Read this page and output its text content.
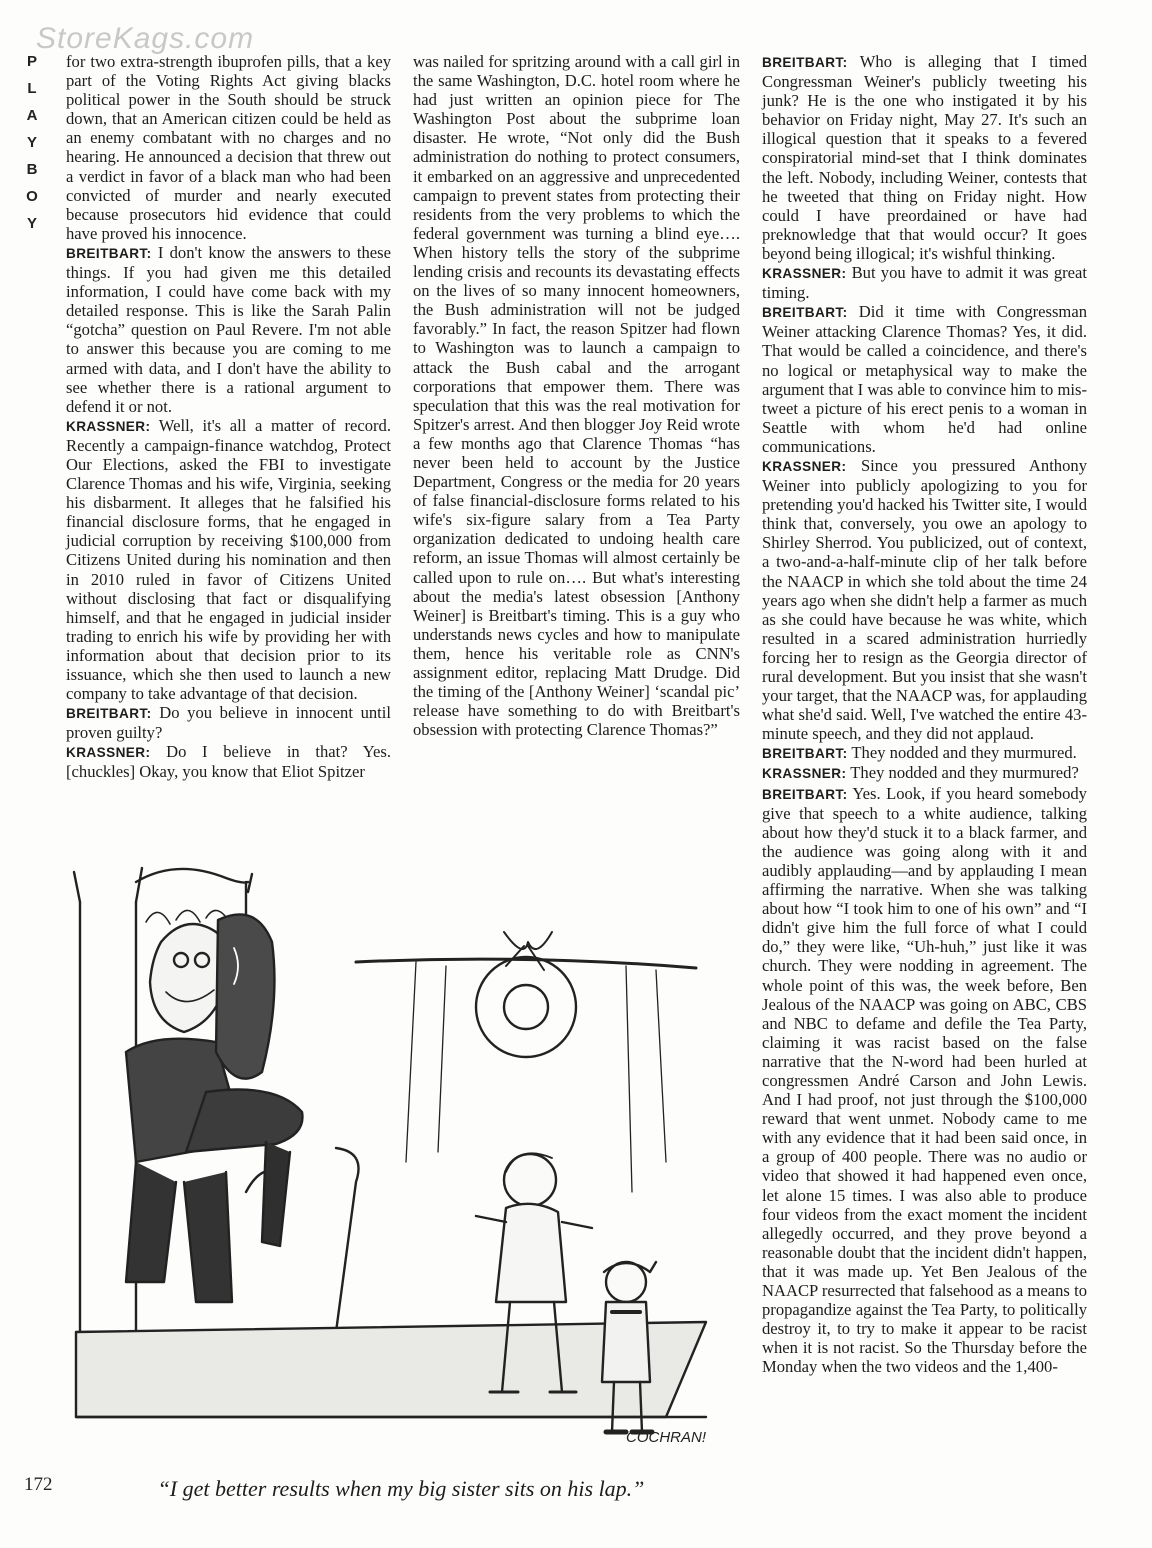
StoreKags.com
P
L
A
Y
B
O
Y

for two extra-strength ibuprofen pills, that a key part of the Voting Rights Act giving blacks political power in the South should be struck down, that an American citizen could be held as an enemy combatant with no charges and no hearing. He announced a decision that threw out a verdict in favor of a black man who had been convicted of murder and nearly executed because prosecutors hid evidence that could have proved his innocence.

BREITBART: I don't know the answers to these things. If you had given me this detailed information, I could have come back with my detailed response. This is like the Sarah Palin “gotcha” question on Paul Revere. I'm not able to answer this because you are coming to me armed with data, and I don't have the ability to see whether there is a rational argument to defend it or not.

KRASSNER: Well, it's all a matter of record. Recently a campaign-finance watchdog, Protect Our Elections, asked the FBI to investigate Clarence Thomas and his wife, Virginia, seeking his disbarment. It alleges that he falsified his financial disclosure forms, that he engaged in judicial corruption by receiving $100,000 from Citizens United during his nomination and then in 2010 ruled in favor of Citizens United without disclosing that fact or disqualifying himself, and that he engaged in judicial insider trading to enrich his wife by providing her with information about that decision prior to its issuance, which she then used to launch a new company to take advantage of that decision.

BREITBART: Do you believe in innocent until proven guilty?

KRASSNER: Do I believe in that? Yes. [chuckles] Okay, you know that Eliot Spitzer

was nailed for spritzing around with a call girl in the same Washington, D.C. hotel room where he had just written an opinion piece for The Washington Post about the subprime loan disaster. He wrote, “Not only did the Bush administration do nothing to protect consumers, it embarked on an aggressive and unprecedented campaign to prevent states from protecting their residents from the very problems to which the federal government was turning a blind eye…. When history tells the story of the subprime lending crisis and recounts its devastating effects on the lives of so many innocent homeowners, the Bush administration will not be judged favorably.” In fact, the reason Spitzer had flown to Washington was to launch a campaign to attack the Bush cabal and the arrogant corporations that empower them. There was speculation that this was the real motivation for Spitzer's arrest. And then blogger Joy Reid wrote a few months ago that Clarence Thomas “has never been held to account by the Justice Department, Congress or the media for 20 years of false financial-disclosure forms related to his wife's six-figure salary from a Tea Party organization dedicated to undoing health care reform, an issue Thomas will almost certainly be called upon to rule on…. But what's interesting about the media's latest obsession [Anthony Weiner] is Breitbart's timing. This is a guy who understands news cycles and how to manipulate them, hence his veritable role as CNN's assignment editor, replacing Matt Drudge. Did the timing of the [Anthony Weiner] ‘scandal pic’ release have something to do with Breitbart's obsession with protecting Clarence Thomas?”

BREITBART: Who is alleging that I timed Congressman Weiner's publicly tweeting his junk? He is the one who instigated it by his behavior on Friday night, May 27. It's such an illogical question that it speaks to a fevered conspiratorial mind-set that I think dominates the left. Nobody, including Weiner, contests that he tweeted that thing on Friday night. How could I have preordained or have had preknowledge that that would occur? It goes beyond being illogical; it's wishful thinking.

KRASSNER: But you have to admit it was great timing.

BREITBART: Did it time with Congressman Weiner attacking Clarence Thomas? Yes, it did. That would be called a coincidence, and there's no logical or metaphysical way to make the argument that I was able to convince him to mis-tweet a picture of his erect penis to a woman in Seattle with whom he'd had online communications.

KRASSNER: Since you pressured Anthony Weiner into publicly apologizing to you for pretending you'd hacked his Twitter site, I would think that, conversely, you owe an apology to Shirley Sherrod. You publicized, out of context, a two-and-a-half-minute clip of her talk before the NAACP in which she told about the time 24 years ago when she didn't help a farmer as much as she could have because he was white, which resulted in a scared administration hurriedly forcing her to resign as the Georgia director of rural development. But you insist that she wasn't your target, that the NAACP was, for applauding what she'd said. Well, I've watched the entire 43-minute speech, and they did not applaud.

BREITBART: They nodded and they murmured.

KRASSNER: They nodded and they murmured?

BREITBART: Yes. Look, if you heard somebody give that speech to a white audience, talking about how they'd stuck it to a black farmer, and the audience was going along with it and audibly applauding—and by applauding I mean affirming the narrative. When she was talking about how “I took him to one of his own” and “I didn't give him the full force of what I could do,” they were like, “Uh-huh,” just like it was church. They were nodding in agreement. The whole point of this was, the week before, Ben Jealous of the NAACP was going on ABC, CBS and NBC to defame and defile the Tea Party, claiming it was racist based on the false narrative that the N-word had been hurled at congressmen André Carson and John Lewis. And I had proof, not just through the $100,000 reward that went unmet. Nobody came to me with any evidence that it had been said once, in a group of 400 people. There was no audio or video that showed it had happened even once, let alone 15 times. I was also able to produce four videos from the exact moment the incident allegedly occurred, and they prove beyond a reasonable doubt that the incident didn't happen, that it was made up. Yet Ben Jealous of the NAACP resurrected that falsehood as a means to propagandize against the Tea Party, to politically destroy it, to try to make it appear to be racist when it is not racist. So the Thursday before the Monday when the two videos and the 1,400-

COCHRAN!
“I get better results when my big sister sits on his lap.”
172
